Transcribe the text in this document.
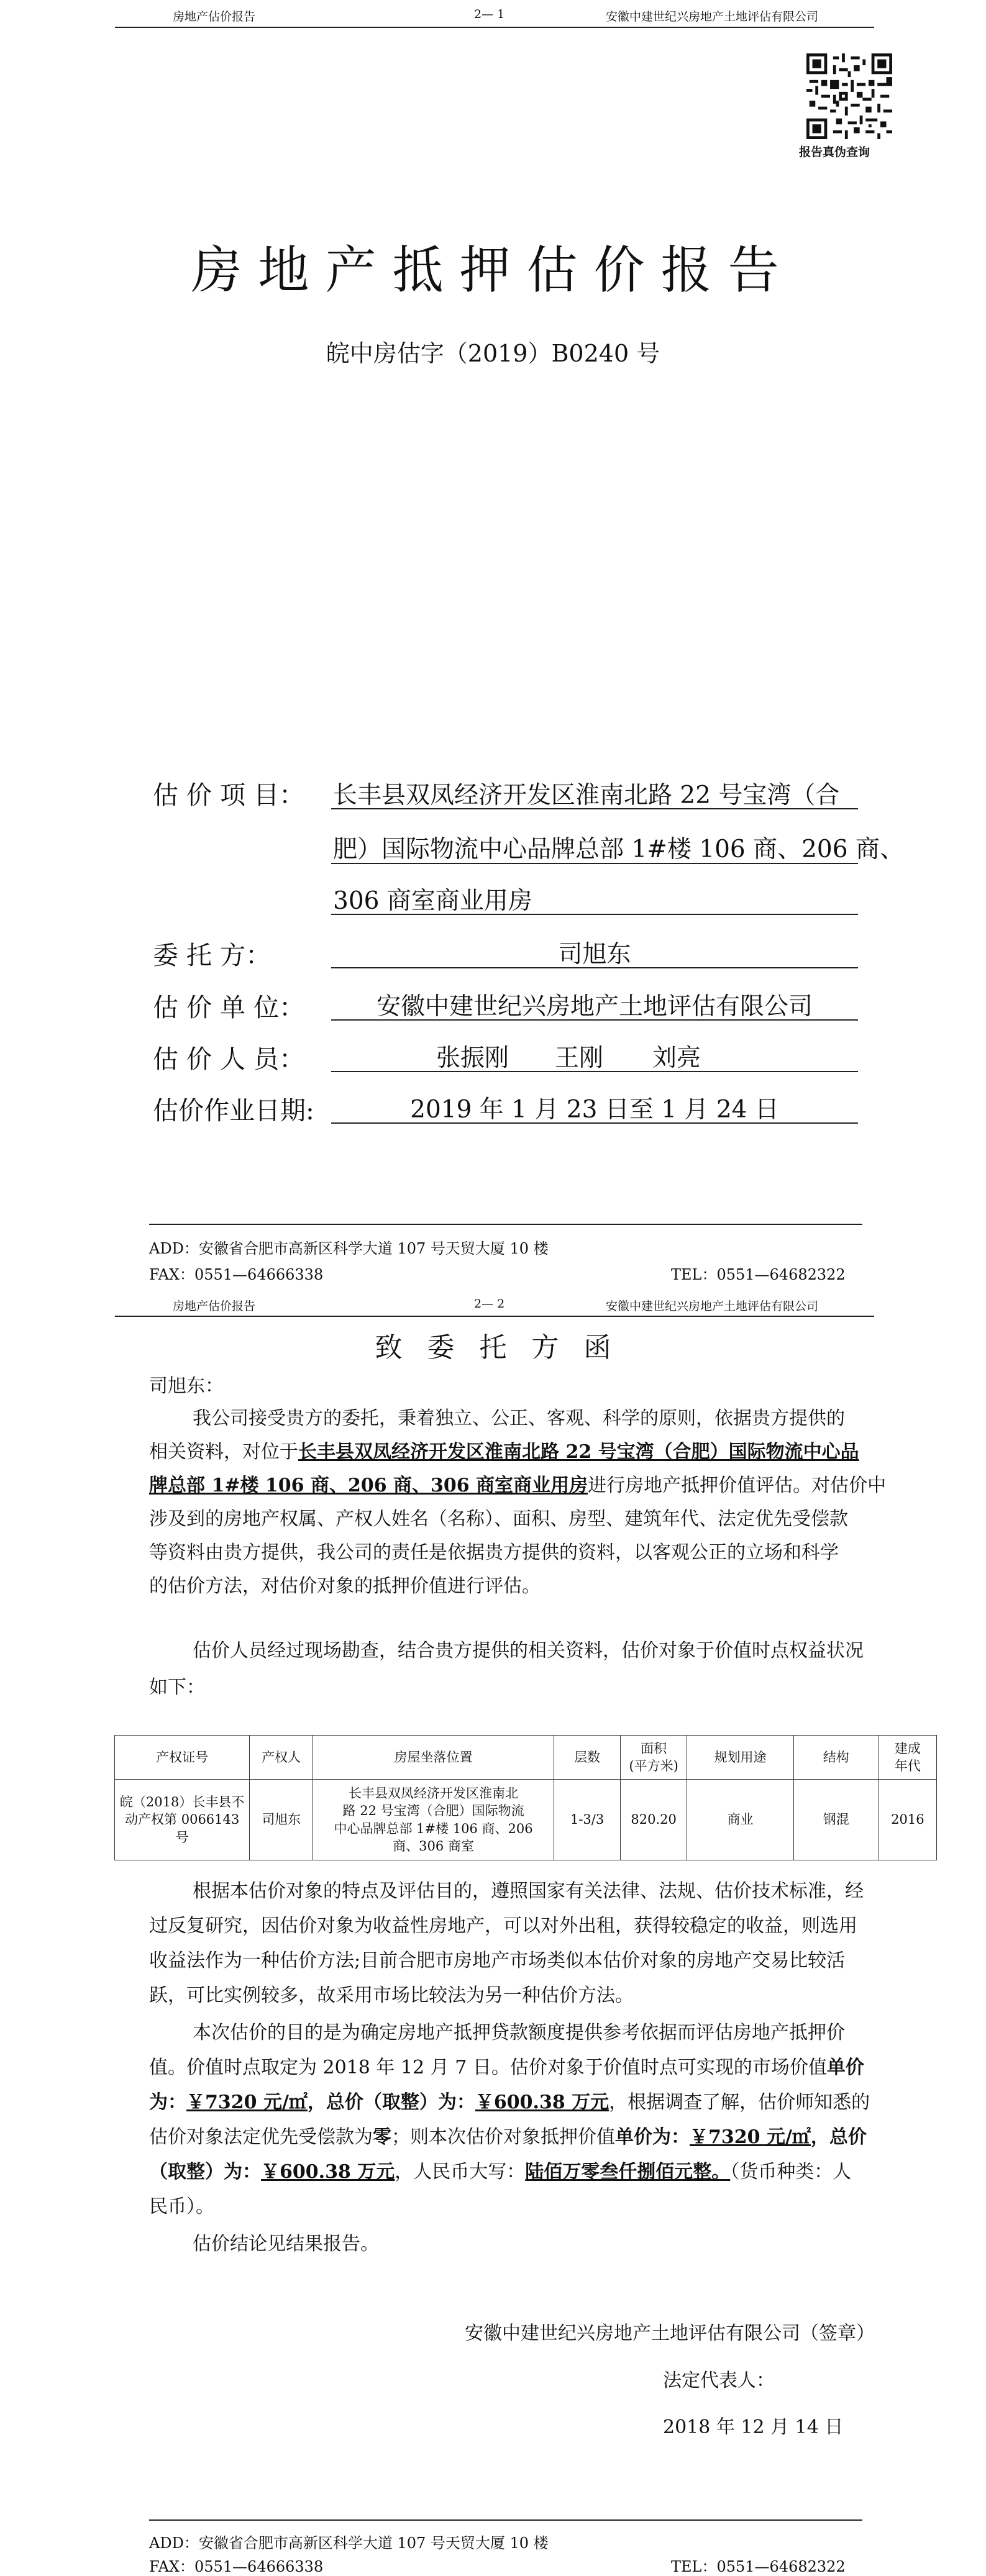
房地产估价报告	2— 1	安徽中建世纪兴房地产土地评估有限公司
报告真伪查询
房地产抵押估价报告
皖中房估字（2019）B0240 号
估 价 项 目： 长丰县双凤经济开发区淮南北路 22 号宝湾（合
肥）国际物流中心品牌总部 1#楼 106 商、206 商、
306 商室商业用房
委 托 方：	司旭东
估 价 单 位：	安徽中建世纪兴房地产土地评估有限公司
估 价 人 员：	张振刚 王刚 刘亮
估价作业日期:	2019 年 1 月 23 日至 1 月 24 日
ADD：安徽省合肥市高新区科学大道 107 号天贸大厦 10 楼
FAX：0551—64666338	TEL：0551—64682322
房地产估价报告	2— 2	安徽中建世纪兴房地产土地评估有限公司
致委托方函
司旭东：
我公司接受贵方的委托，秉着独立、公正、客观、科学的原则，依据贵方提供的
相关资料，对位于长丰县双凤经济开发区淮南北路 22 号宝湾（合肥）国际物流中心品
牌总部 1#楼 106 商、206 商、306 商室商业用房进行房地产抵押价值评估。对估价中
涉及到的房地产权属、产权人姓名（名称）、面积、房型、建筑年代、法定优先受偿款
等资料由贵方提供，我公司的责任是依据贵方提供的资料，以客观公正的立场和科学
的估价方法，对估价对象的抵押价值进行评估。
估价人员经过现场勘查，结合贵方提供的相关资料，估价对象于价值时点权益状况
如下：
产权证号	产权人	房屋坐落位置	层数	面积
(平方米)	规划用途	结构	建成
年代
皖（2018）长丰县不
动产权第 0066143 号	司旭东	长丰县双凤经济开发区淮南北
路 22 号宝湾（合肥）国际物流
中心品牌总部 1#楼 106 商、206
商、306 商室	1-3/3	820.20	商业	钢混	2016
根据本估价对象的特点及评估目的，遵照国家有关法律、法规、估价技术标准，经
过反复研究，因估价对象为收益性房地产，可以对外出租，获得较稳定的收益，则选用
收益法作为一种估价方法;目前合肥市房地产市场类似本估价对象的房地产交易比较活
跃，可比实例较多，故采用市场比较法为另一种估价方法。
本次估价的目的是为确定房地产抵押贷款额度提供参考依据而评估房地产抵押价
值。价值时点取定为 2018 年 12 月 7 日。估价对象于价值时点可实现的市场价值单价
为：￥7320 元/㎡，总价（取整）为：￥600.38 万元，根据调查了解，估价师知悉的
估价对象法定优先受偿款为零；则本次估价对象抵押价值单价为：￥7320 元/㎡，总价
（取整）为：￥600.38 万元，人民币大写：陆佰万零叁仟捌佰元整。（货币种类：人
民币）。
估价结论见结果报告。
安徽中建世纪兴房地产土地评估有限公司（签章）
法定代表人：
2018 年 12 月 14 日
ADD：安徽省合肥市高新区科学大道 107 号天贸大厦 10 楼
FAX：0551—64666338	TEL：0551—64682322
